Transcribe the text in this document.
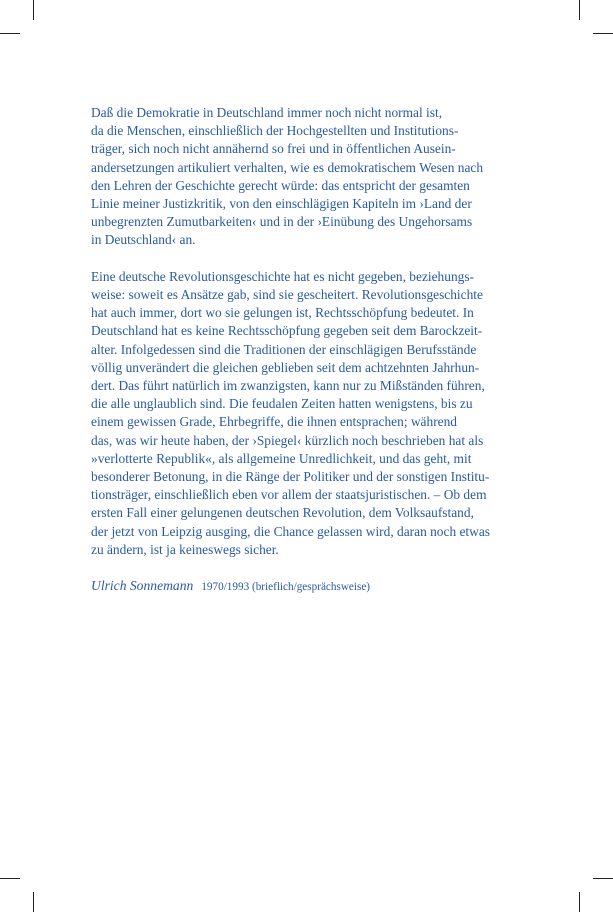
Daß die Demokratie in Deutschland immer noch nicht normal ist,
da die Menschen, einschließlich der Hochgestellten und Institutions-
träger, sich noch nicht annähernd so frei und in öffentlichen Ausein-
andersetzungen artikuliert verhalten, wie es demokratischem Wesen nach
den Lehren der Geschichte gerecht würde: das entspricht der gesamten
Linie meiner Justizkritik, von den einschlägigen Kapiteln im ›Land der
unbegrenzten Zumutbarkeiten‹ und in der ›Einübung des Ungehorsams
in Deutschland‹ an.
Eine deutsche Revolutionsgeschichte hat es nicht gegeben, beziehungs-
weise: soweit es Ansätze gab, sind sie gescheitert. Revolutionsgeschichte
hat auch immer, dort wo sie gelungen ist, Rechtsschöpfung bedeutet. In
Deutschland hat es keine Rechtsschöpfung gegeben seit dem Barockzeit-
alter. Infolgedessen sind die Traditionen der einschlägigen Berufsstände
völlig unverändert die gleichen geblieben seit dem achtzehnten Jahrhun-
dert. Das führt natürlich im zwanzigsten, kann nur zu Mißständen führen,
die alle unglaublich sind. Die feudalen Zeiten hatten wenigstens, bis zu
einem gewissen Grade, Ehrbegriffe, die ihnen entsprachen; während
das, was wir heute haben, der ›Spiegel‹ kürzlich noch beschrieben hat als
»verlotterte Republik«, als allgemeine Unredlichkeit, und das geht, mit
besonderer Betonung, in die Ränge der Politiker und der sonstigen Institu-
tionsträger, einschließlich eben vor allem der staatsjuristischen. – Ob dem
ersten Fall einer gelungenen deutschen Revolution, dem Volksaufstand,
der jetzt von Leipzig ausging, die Chance gelassen wird, daran noch etwas
zu ändern, ist ja keineswegs sicher.
Ulrich Sonnemann 1970/1993 (brieflich/gesprächsweise)
